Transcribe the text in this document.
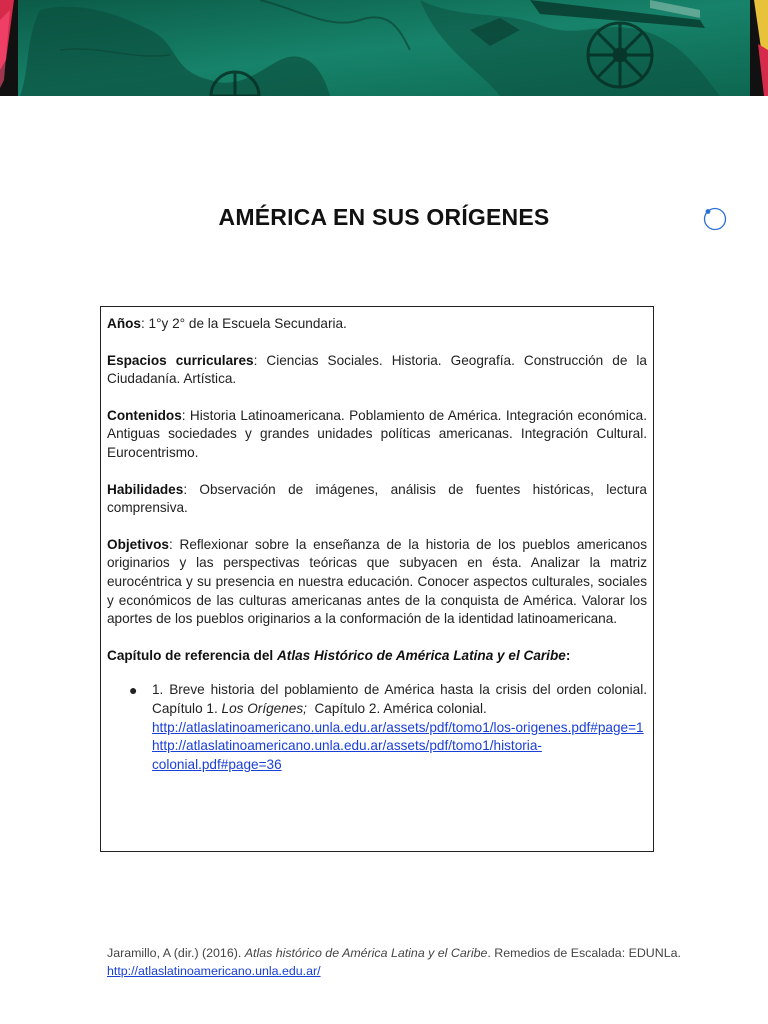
AMÉRICA EN SUS ORÍGENES

Años: 1°y 2° de la Escuela Secundaria.

Espacios curriculares: Ciencias Sociales. Historia. Geografía. Construcción de la Ciudadanía. Artística.

Contenidos: Historia Latinoamericana. Poblamiento de América. Integración económica. Antiguas sociedades y grandes unidades políticas americanas. Integración Cultural. Eurocentrismo.

Habilidades: Observación de imágenes, análisis de fuentes históricas, lectura comprensiva.

Objetivos: Reflexionar sobre la enseñanza de la historia de los pueblos americanos originarios y las perspectivas teóricas que subyacen en ésta. Analizar la matriz eurocéntrica y su presencia en nuestra educación. Conocer aspectos culturales, sociales y económicos de las culturas americanas antes de la conquista de América. Valorar los aportes de los pueblos originarios a la conformación de la identidad latinoamericana.

Capítulo de referencia del Atlas Histórico de América Latina y el Caribe:

● 1. Breve historia del poblamiento de América hasta la crisis del orden colonial. Capítulo 1. Los Orígenes;  Capítulo 2. América colonial.
http://atlaslatinoamericano.unla.edu.ar/assets/pdf/tomo1/los-origenes.pdf#page=1
http://atlaslatinoamericano.unla.edu.ar/assets/pdf/tomo1/historia-colonial.pdf#page=36
Jaramillo, A (dir.) (2016). Atlas histórico de América Latina y el Caribe. Remedios de Escalada: EDUNLa.
http://atlaslatinoamericano.unla.edu.ar/
